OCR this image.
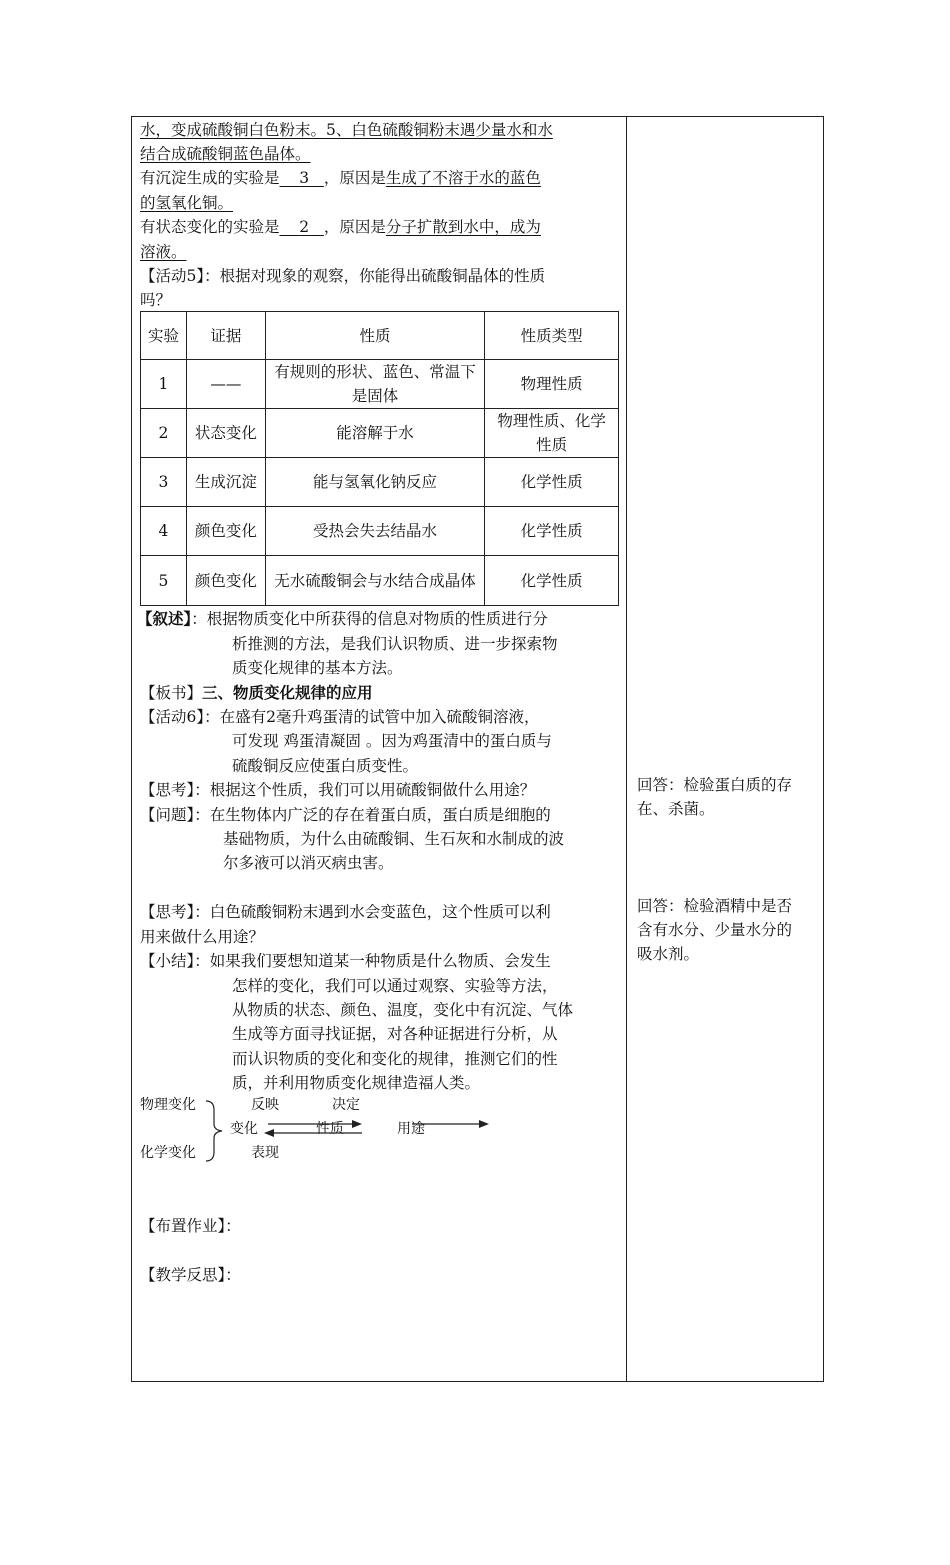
水，变成硫酸铜白色粉末。5、白色硫酸铜粉末遇少量水和水
结合成硫酸铜蓝色晶体。
有沉淀生成的实验是 3 ，原因是生成了不溶于水的蓝色
的氢氧化铜。
有状态变化的实验是 2 ，原因是分子扩散到水中，成为
溶液。
【活动5】：根据对现象的观察，你能得出硫酸铜晶体的性质
吗？
实验	证据	性质	性质类型
1	——	有规则的形状、蓝色、常温下是固体	物理性质
2	状态变化	能溶解于水	物理性质、化学性质
3	生成沉淀	能与氢氧化钠反应	化学性质
4	颜色变化	受热会失去结晶水	化学性质
5	颜色变化	无水硫酸铜会与水结合成晶体	化学性质
【叙述】：根据物质变化中所获得的信息对物质的性质进行分
析推测的方法，是我们认识物质、进一步探索物
质变化规律的基本方法。
【板书】三、物质变化规律的应用
【活动6】：在盛有2毫升鸡蛋清的试管中加入硫酸铜溶液，
可发现 鸡蛋清凝固 。因为鸡蛋清中的蛋白质与
硫酸铜反应使蛋白质变性。
【思考】：根据这个性质，我们可以用硫酸铜做什么用途？
【问题】：在生物体内广泛的存在着蛋白质，蛋白质是细胞的
基础物质，为什么由硫酸铜、生石灰和水制成的波
尔多液可以消灭病虫害。
【思考】：白色硫酸铜粉末遇到水会变蓝色，这个性质可以利
用来做什么用途？
【小结】：如果我们要想知道某一种物质是什么物质、会发生
怎样的变化，我们可以通过观察、实验等方法，
从物质的状态、颜色、温度，变化中有沉淀、气体
生成等方面寻找证据，对各种证据进行分析，从
而认识物质的变化和变化的规律，推测它们的性
质，并利用物质变化规律造福人类。
物理变化
化学变化
变化
反映	决定
性质	用途
表现
【布置作业】：
【教学反思】：
回答：检验蛋白质的存
在、杀菌。
回答：检验酒精中是否
含有水分、少量水分的
吸水剂。
